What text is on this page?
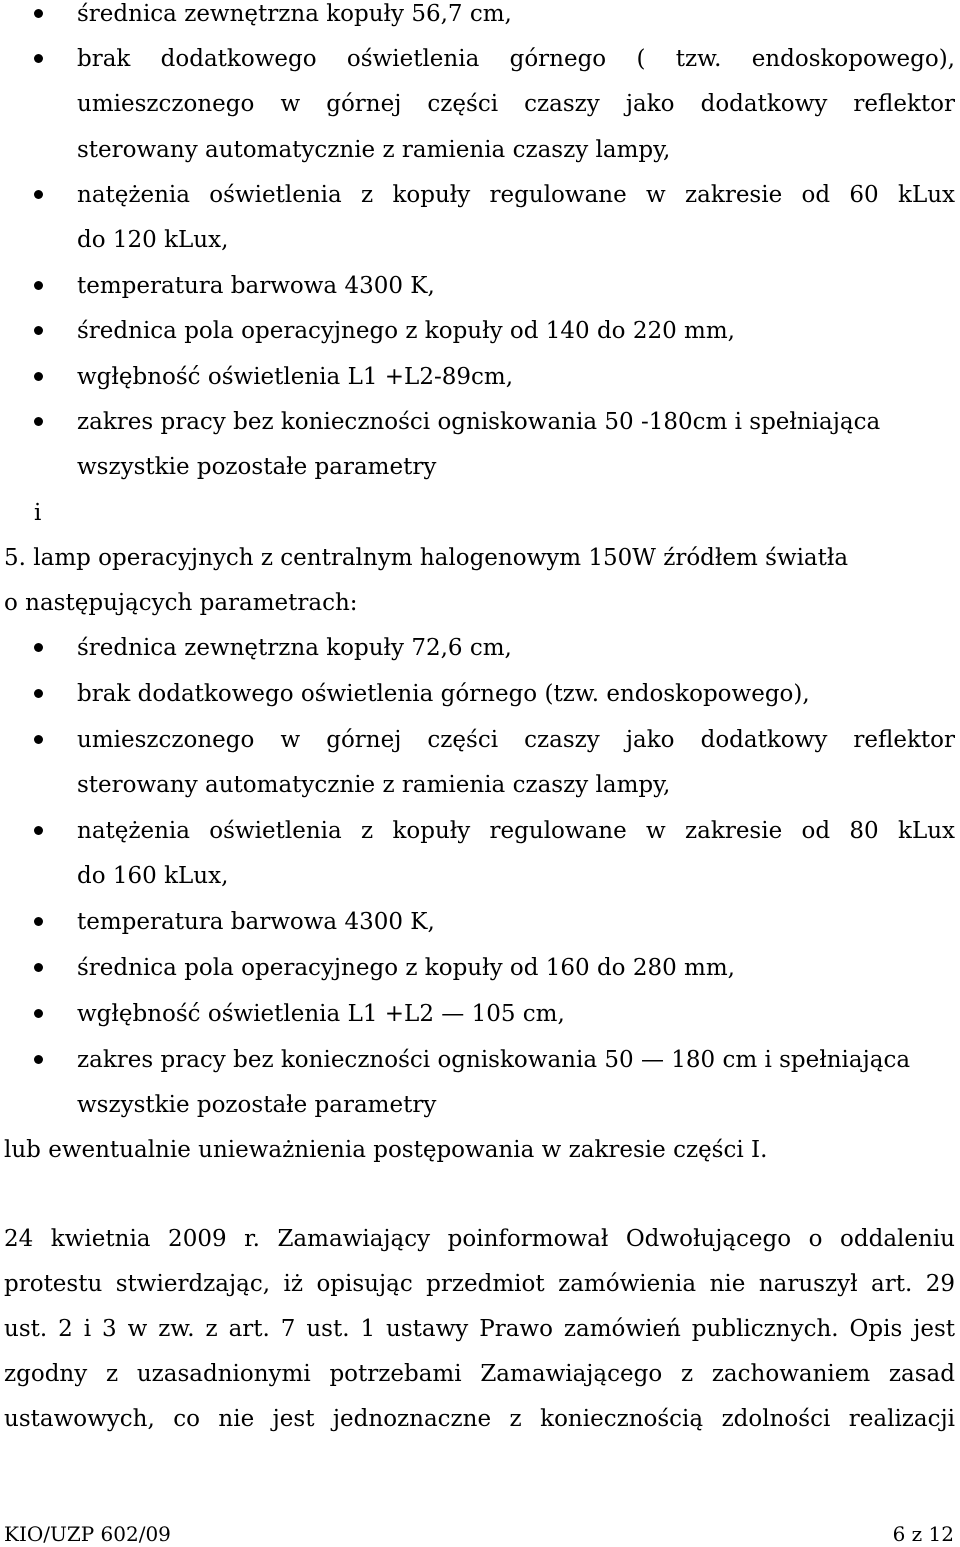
średnica zewnętrzna kopuły 56,7 cm,
brak dodatkowego oświetlenia górnego ( tzw. endoskopowego),
umieszczonego w górnej części czaszy jako dodatkowy reflektor
sterowany automatycznie z ramienia czaszy lampy,
natężenia oświetlenia z kopuły regulowane w zakresie od 60 kLux
do 120 kLux,
temperatura barwowa 4300 K,
średnica pola operacyjnego z kopuły od 140 do 220 mm,
wgłębność oświetlenia L1 +L2-89cm,
zakres pracy bez konieczności ogniskowania 50 -180cm i spełniająca
wszystkie pozostałe parametry
i
5. lamp operacyjnych z centralnym halogenowym 150W źródłem światła
o następujących parametrach:
średnica zewnętrzna kopuły 72,6 cm,
brak dodatkowego oświetlenia górnego (tzw. endoskopowego),
umieszczonego w górnej części czaszy jako dodatkowy reflektor
sterowany automatycznie z ramienia czaszy lampy,
natężenia oświetlenia z kopuły regulowane w zakresie od 80 kLux
do 160 kLux,
temperatura barwowa 4300 K,
średnica pola operacyjnego z kopuły od 160 do 280 mm,
wgłębność oświetlenia L1 +L2 — 105 cm,
zakres pracy bez konieczności ogniskowania 50 — 180 cm i spełniająca
wszystkie pozostałe parametry
lub ewentualnie unieważnienia postępowania w zakresie części I.
24 kwietnia 2009 r. Zamawiający poinformował Odwołującego o oddaleniu
protestu stwierdzając, iż opisując przedmiot zamówienia nie naruszył art. 29
ust. 2 i 3 w zw. z art. 7 ust. 1 ustawy Prawo zamówień publicznych. Opis jest
zgodny z uzasadnionymi potrzebami Zamawiającego z zachowaniem zasad
ustawowych, co nie jest jednoznaczne z koniecznością zdolności realizacji
KIO/UZP 602/09	6 z 12
